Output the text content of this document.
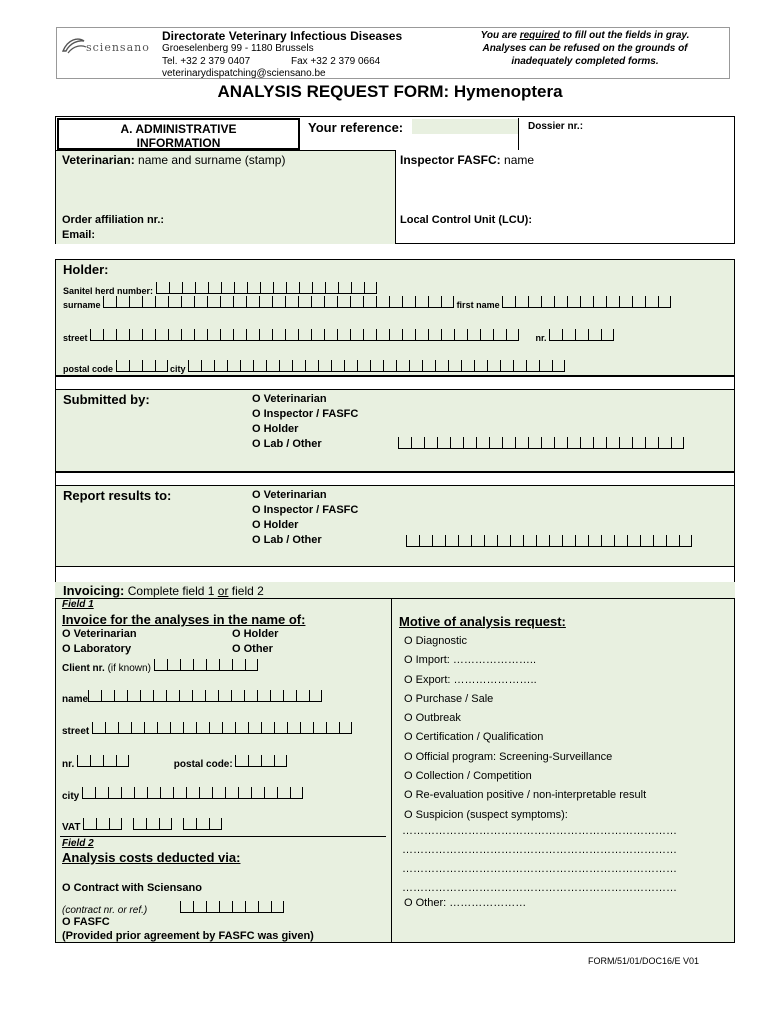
sciensano
Directorate Veterinary Infectious Diseases
Groeselenberg 99 - 1180 Brussels
Tel. +32 2 379 0407	Fax +32 2 379 0664
veterinarydispatching@sciensano.be
You are required to fill out the fields in gray.
Analyses can be refused on the grounds of
inadequately completed forms.
ANALYSIS REQUEST FORM: Hymenoptera
A. ADMINISTRATIVE
INFORMATION
Your reference:	Dossier nr.:
Veterinarian: name and surname (stamp)
Order affiliation nr.:
Email:
Inspector FASFC: name
Local Control Unit (LCU):
Holder:
Sanitel herd number:
surname	first name
street	nr.
postal code	city
Submitted by:	O Veterinarian
O Inspector / FASFC
O Holder
O Lab / Other
Report results to:	O Veterinarian
O Inspector / FASFC
O Holder
O Lab / Other
Invoicing: Complete field 1 or field 2
Field 1
Invoice for the analyses in the name of:
O Veterinarian	O Holder
O Laboratory	O Other
Client nr. (if known)
name
street
nr.	postal code:
city
VAT
Field 2
Analysis costs deducted via:
O Contract with Sciensano
(contract nr. or ref.)
O FASFC
(Provided prior agreement by FASFC was given)
Motive of analysis request:
O Diagnostic
O Import: …………………..
O Export: …………………..
O Purchase / Sale
O Outbreak
O Certification / Qualification
O Official program: Screening-Surveillance
O Collection / Competition
O Re-evaluation positive / non-interpretable result
O Suspicion (suspect symptoms):
…………………………………………………………………
…………………………………………………………………
…………………………………………………………………
…………………………………………………………………
O Other: …………………
FORM/51/01/DOC16/E V01
